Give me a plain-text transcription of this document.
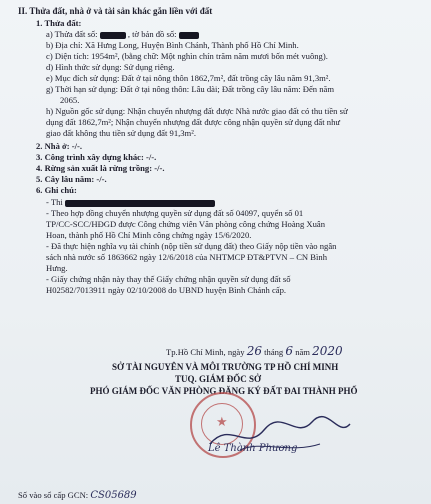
II. Thửa đất, nhà ở và tài sản khác gắn liền với đất
1. Thửa đất:
a) Thửa đất số:	, tờ bản đồ số:
b) Địa chỉ: Xã Hưng Long, Huyện Bình Chánh, Thành phố Hồ Chí Minh.
c) Diện tích: 1954m², (bằng chữ: Một nghìn chín trăm năm mươi bốn mét vuông).
d) Hình thức sử dụng: Sử dụng riêng.
e) Mục đích sử dụng: Đất ở tại nông thôn 1862,7m², đất trồng cây lâu năm 91,3m².
g) Thời hạn sử dụng: Đất ở tại nông thôn: Lâu dài; Đất trồng cây lâu năm: Đến năm
2065.
h) Nguồn gốc sử dụng: Nhận chuyển nhượng đất được Nhà nước giao đất có thu tiền sử
dụng đất 1862,7m²; Nhận chuyển nhượng đất được công nhận quyền sử dụng đất như
giao đất không thu tiền sử dụng đất 91,3m².
2. Nhà ở: -/-.
3. Công trình xây dựng khác: -/-.
4. Rừng sản xuất là rừng trồng: -/-.
5. Cây lâu năm: -/-.
6. Ghi chú:
- Thi
- Theo hợp đồng chuyển nhượng quyền sử dụng đất số 04097, quyển số 01
TP/CC-SCC/HĐGD được Công chứng viên Văn phòng công chứng Hoàng Xuân
Hoan, thành phố Hồ Chí Minh công chứng ngày 15/6/2020.
- Đã thực hiện nghĩa vụ tài chính (nộp tiền sử dụng đất) theo Giấy nộp tiền vào ngân
sách nhà nước số 1863662 ngày 12/6/2018 của NHTMCP ĐT&PTVN – CN Bình
Hưng.
- Giấy chứng nhận này thay thế Giấy chứng nhận quyền sử dụng đất số
H02582/7013911 ngày 02/10/2008 do UBND huyện Bình Chánh cấp.
Tp.Hồ Chí Minh, ngày 26 tháng 6 năm 2020
SỞ TÀI NGUYÊN VÀ MÔI TRƯỜNG TP HỒ CHÍ MINH
TUQ. GIÁM ĐỐC SỞ
PHÓ GIÁM ĐỐC VĂN PHÒNG ĐĂNG KÝ ĐẤT ĐAI THÀNH PHỐ
★
Lê Thành Phương
Số vào sổ cấp GCN: CS05689
